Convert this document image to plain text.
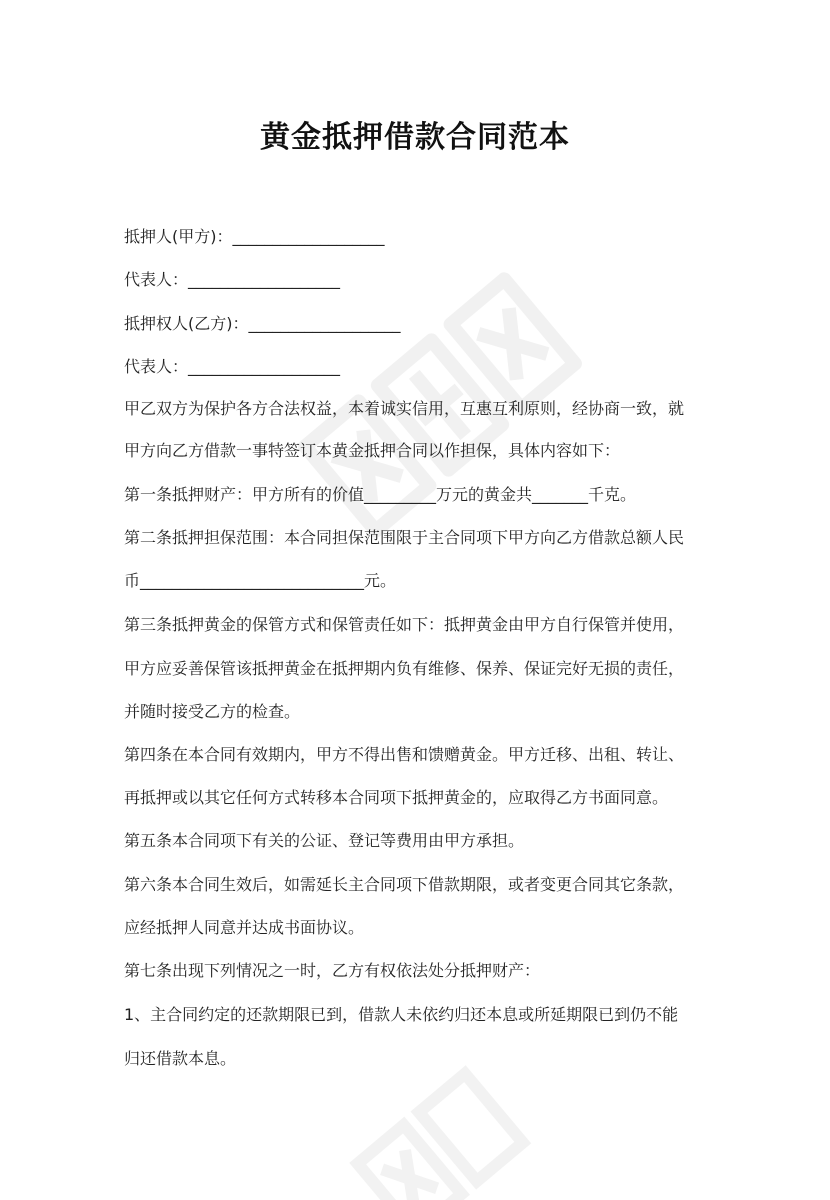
黄金抵押借款合同范本
抵押人(甲方)：___________________
代表人：___________________
抵押权人(乙方)：___________________
代表人：___________________
甲乙双方为保护各方合法权益，本着诚实信用，互惠互利原则，经协商一致，就
甲方向乙方借款一事特签订本黄金抵押合同以作担保，具体内容如下：
第一条抵押财产：甲方所有的价值_________万元的黄金共_______千克。
第二条抵押担保范围：本合同担保范围限于主合同项下甲方向乙方借款总额人民
币____________________________元。
第三条抵押黄金的保管方式和保管责任如下：抵押黄金由甲方自行保管并使用，
甲方应妥善保管该抵押黄金在抵押期内负有维修、保养、保证完好无损的责任，
并随时接受乙方的检查。
第四条在本合同有效期内，甲方不得出售和馈赠黄金。甲方迁移、出租、转让、
再抵押或以其它任何方式转移本合同项下抵押黄金的，应取得乙方书面同意。
第五条本合同项下有关的公证、登记等费用由甲方承担。
第六条本合同生效后，如需延长主合同项下借款期限，或者变更合同其它条款，
应经抵押人同意并达成书面协议。
第七条出现下列情况之一时，乙方有权依法处分抵押财产：
1、主合同约定的还款期限已到，借款人未依约归还本息或所延期限已到仍不能
归还借款本息。
